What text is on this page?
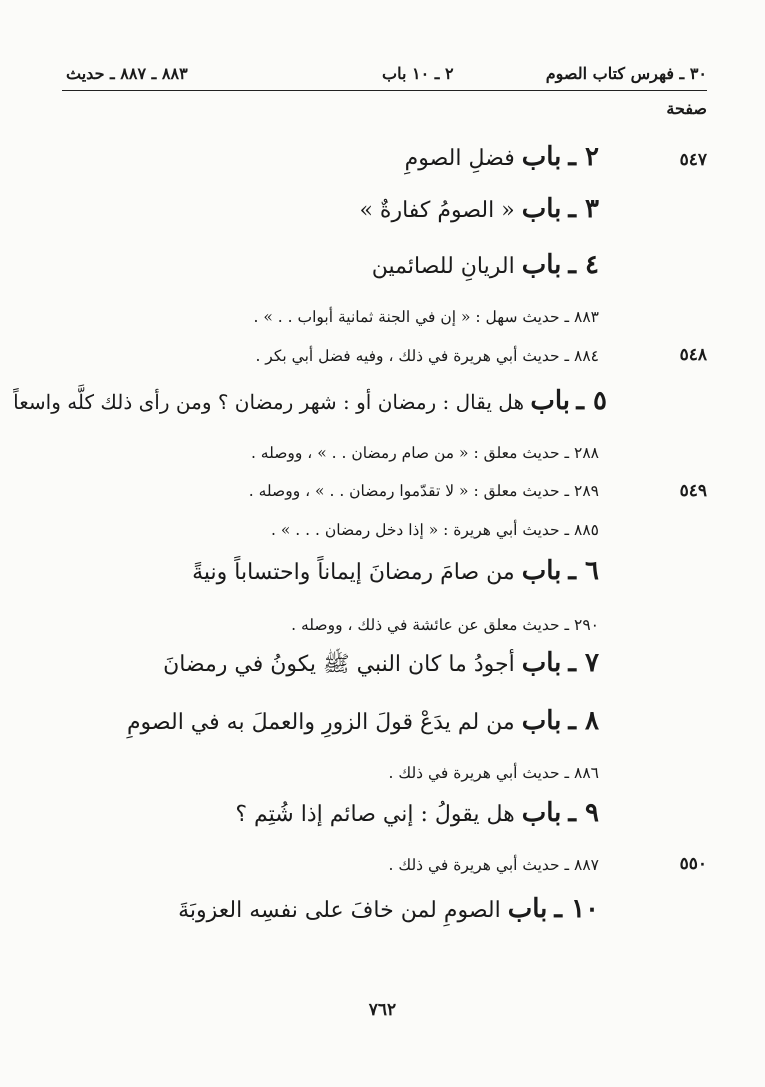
٣٠ ـ فهرس كتاب الصوم
٢ ـ ١٠ باب
٨٨٣ ـ ٨٨٧ ـ حديث
صفحة
٥٤٧
٢ ـ باب فضلِ الصومِ
٣ ـ باب « الصومُ كفارةٌ »
٤ ـ باب الريانِ للصائمين
٨٨٣ ـ حديث سهل : « إن في الجنة ثمانية أبواب . . » .
٥٤٨
٨٨٤ ـ حديث أبي هريرة في ذلك ، وفيه فضل أبي بكر .
٥ ـ باب هل يقال : رمضان أو : شهر رمضان ؟ ومن رأى ذلك كلَّه واسعاً
٢٨٨ ـ حديث معلق : « من صام رمضان . . » ، ووصله .
٥٤٩
٢٨٩ ـ حديث معلق : « لا تقدّموا رمضان . . » ، ووصله .
٨٨٥ ـ حديث أبي هريرة : « إذا دخل رمضان . . . » .
٦ ـ باب من صامَ رمضانَ إيماناً واحتساباً ونيةً
٢٩٠ ـ حديث معلق عن عائشة في ذلك ، ووصله .
٧ ـ باب أجودُ ما كان النبي ﷺ يكونُ في رمضانَ
٨ ـ باب من لم يدَعْ قولَ الزورِ والعملَ به في الصومِ
٨٨٦ ـ حديث أبي هريرة في ذلك .
٩ ـ باب هل يقولُ : إني صائم إذا شُتِم ؟
٥٥٠
٨٨٧ ـ حديث أبي هريرة في ذلك .
١٠ ـ باب الصومِ لمن خافَ على نفسِه العزوبَةَ
٧٦٢
